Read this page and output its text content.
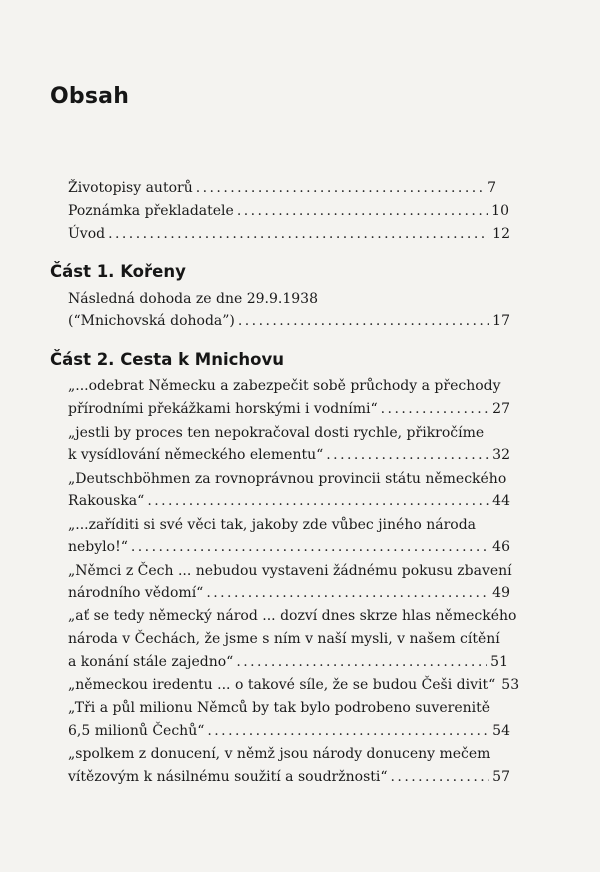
Obsah
Životopisy autorů . . .	7
Poznámka překladatele . . .	10
Úvod . . .	12
Část 1. Kořeny
Následná dohoda ze dne 29.9.1938
(“Mnichovská dohoda”) . . .	17
Část 2. Cesta k Mnichovu
„...odebrat Německu a zabezpečit sobě průchody a přechody
přírodními překážkami horskými i vodními“ . . .	27
„jestli by proces ten nepokračoval dosti rychle, přikročíme
k vysídlování německého elementu“ . . .	32
„Deutschböhmen za rovnoprávnou provincii státu německého
Rakouska“ . . .	44
„...zaříditi si své věci tak, jakoby zde vůbec jiného národa
nebylo!“ . . .	46
„Němci z Čech ... nebudou vystaveni žádnému pokusu zbavení
národního vědomí“ . . .	49
„ať se tedy německý národ ... dozví dnes skrze hlas německého
národa v Čechách, že jsme s ním v naší mysli, v našem cítění
a konání stále zajedno“ . . .	51
„německou iredentu ... o takové síle, že se budou Češi divit“ 53
„Tři a půl milionu Němců by tak bylo podrobeno suverenitě
6,5 milionů Čechů“ . . .	54
„spolkem z donucení, v němž jsou národy donuceny mečem
vítězovým k násilnému soužití a soudržnosti“ . . .	57
